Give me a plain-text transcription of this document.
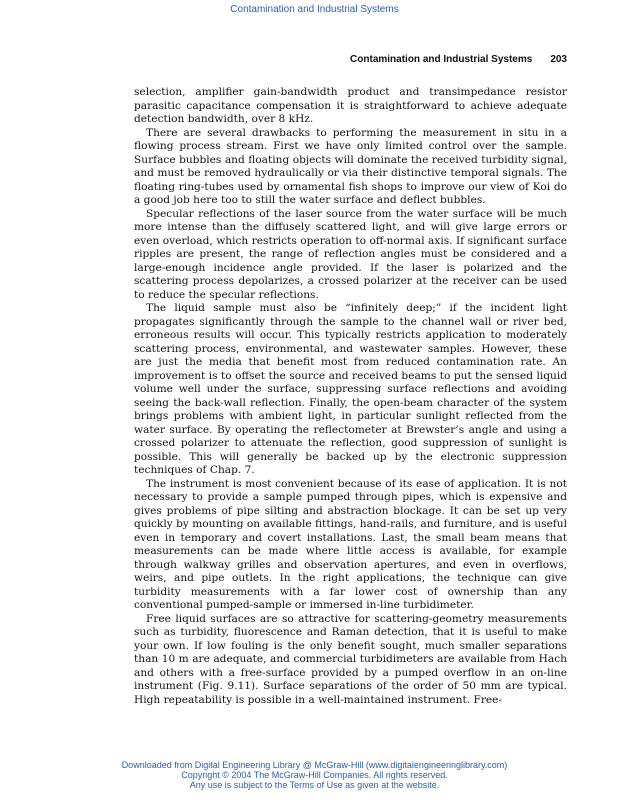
Contamination and Industrial Systems
Contamination and Industrial Systems 203

selection, amplifier gain-bandwidth product and transimpedance resistor parasitic capacitance compensation it is straightforward to achieve adequate detection bandwidth, over 8 kHz.

There are several drawbacks to performing the measurement in situ in a flowing process stream. First we have only limited control over the sample. Surface bubbles and floating objects will dominate the received turbidity signal, and must be removed hydraulically or via their distinctive temporal signals. The floating ring-tubes used by ornamental fish shops to improve our view of Koi do a good job here too to still the water surface and deflect bubbles.

Specular reflections of the laser source from the water surface will be much more intense than the diffusely scattered light, and will give large errors or even overload, which restricts operation to off-normal axis. If significant surface ripples are present, the range of reflection angles must be considered and a large-enough incidence angle provided. If the laser is polarized and the scattering process depolarizes, a crossed polarizer at the receiver can be used to reduce the specular reflections.

The liquid sample must also be “infinitely deep;” if the incident light propagates significantly through the sample to the channel wall or river bed, erroneous results will occur. This typically restricts application to moderately scattering process, environmental, and wastewater samples. However, these are just the media that benefit most from reduced contamination rate. An improvement is to offset the source and received beams to put the sensed liquid volume well under the surface, suppressing surface reflections and avoiding seeing the back-wall reflection. Finally, the open-beam character of the system brings problems with ambient light, in particular sunlight reflected from the water surface. By operating the reflectometer at Brewster’s angle and using a crossed polarizer to attenuate the reflection, good suppression of sunlight is possible. This will generally be backed up by the electronic suppression techniques of Chap. 7.

The instrument is most convenient because of its ease of application. It is not necessary to provide a sample pumped through pipes, which is expensive and gives problems of pipe silting and abstraction blockage. It can be set up very quickly by mounting on available fittings, hand-rails, and furniture, and is useful even in temporary and covert installations. Last, the small beam means that measurements can be made where little access is available, for example through walkway grilles and observation apertures, and even in overflows, weirs, and pipe outlets. In the right applications, the technique can give turbidity measurements with a far lower cost of ownership than any conventional pumped-sample or immersed in-line turbidimeter.

Free liquid surfaces are so attractive for scattering-geometry measurements such as turbidity, fluorescence and Raman detection, that it is useful to make your own. If low fouling is the only benefit sought, much smaller separations than 10 m are adequate, and commercial turbidimeters are available from Hach and others with a free-surface provided by a pumped overflow in an on-line instrument (Fig. 9.11). Surface separations of the order of 50 mm are typical. High repeatability is possible in a well-maintained instrument. Free-

Downloaded from Digital Engineering Library @ McGraw-Hill (www.digitalengineeringlibrary.com)
Copyright © 2004 The McGraw-Hill Companies. All rights reserved.
Any use is subject to the Terms of Use as given at the website.
